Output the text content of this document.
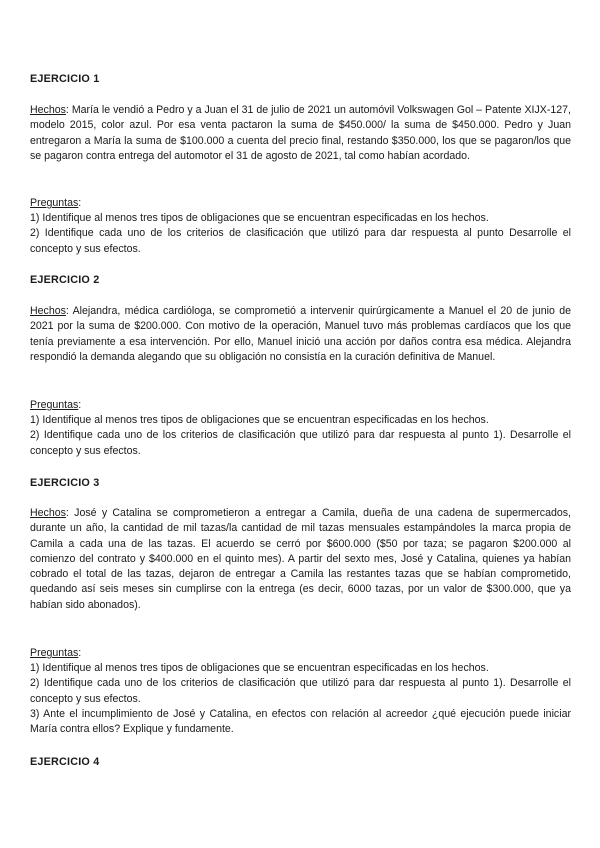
EJERCICIO 1

Hechos: María le vendió a Pedro y a Juan el 31 de julio de 2021 un automóvil Volkswagen Gol – Patente XIJX-127, modelo 2015, color azul. Por esa venta pactaron la suma de $450.000/ la suma de $450.000. Pedro y Juan entregaron a María la suma de $100.000 a cuenta del precio final, restando $350.000, los que se pagaron/los que se pagaron contra entrega del automotor el 31 de agosto de 2021, tal como habían acordado.

Preguntas:

1) Identifique al menos tres tipos de obligaciones que se encuentran especificadas en los hechos.
2) Identifique cada uno de los criterios de clasificación que utilizó para dar respuesta al punto Desarrolle el concepto y sus efectos.
EJERCICIO 2

Hechos: Alejandra, médica cardióloga, se comprometió a intervenir quirúrgicamente a Manuel el 20 de junio de 2021 por la suma de $200.000. Con motivo de la operación, Manuel tuvo más problemas cardíacos que los que tenía previamente a esa intervención. Por ello, Manuel inició una acción por daños contra esa médica. Alejandra respondió la demanda alegando que su obligación no consistía en la curación definitiva de Manuel.

Preguntas:

1) Identifique al menos tres tipos de obligaciones que se encuentran especificadas en los hechos.
2) Identifique cada uno de los criterios de clasificación que utilizó para dar respuesta al punto 1). Desarrolle el concepto y sus efectos.
EJERCICIO 3

Hechos: José y Catalina se comprometieron a entregar a Camila, dueña de una cadena de supermercados, durante un año, la cantidad de mil tazas/la cantidad de mil tazas mensuales estampándoles la marca propia de Camila a cada una de las tazas. El acuerdo se cerró por $600.000 ($50 por taza; se pagaron $200.000 al comienzo del contrato y $400.000 en el quinto mes). A partir del sexto mes, José y Catalina, quienes ya habían cobrado el total de las tazas, dejaron de entregar a Camila las restantes tazas que se habían comprometido, quedando así seis meses sin cumplirse con la entrega (es decir, 6000 tazas, por un valor de $300.000, que ya habían sido abonados).

Preguntas:

1) Identifique al menos tres tipos de obligaciones que se encuentran especificadas en los hechos.
2) Identifique cada uno de los criterios de clasificación que utilizó para dar respuesta al punto 1). Desarrolle el concepto y sus efectos.
3) Ante el incumplimiento de José y Catalina, en efectos con relación al acreedor ¿qué ejecución puede iniciar María contra ellos? Explique y fundamente.
EJERCICIO 4
